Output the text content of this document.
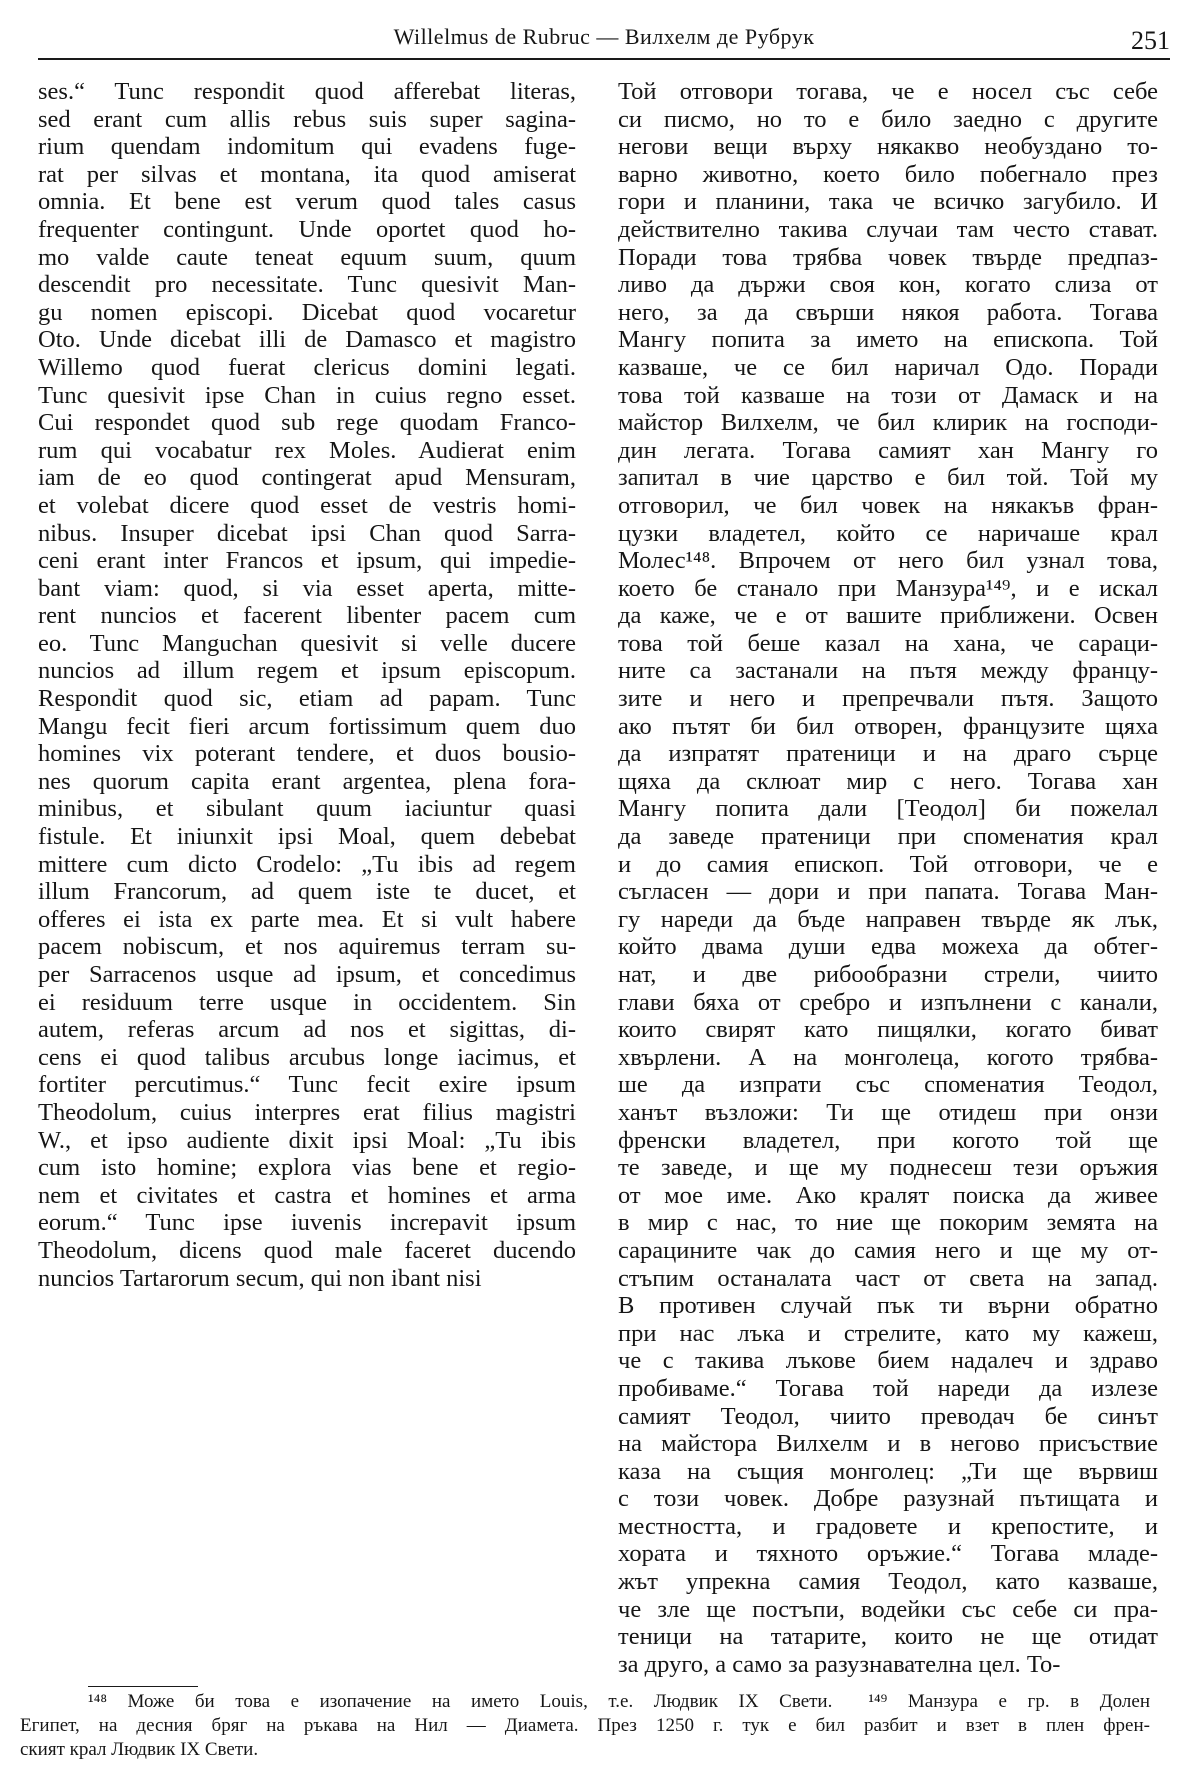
Willelmus de Rubruc — Вилхелм де Рубрук	251
ses.“ Tunc respondit quod afferebat literas,
sed erant cum allis rebus suis super sagina-
rium quendam indomitum qui evadens fuge-
rat per silvas et montana, ita quod amiserat
omnia. Et bene est verum quod tales casus
frequenter contingunt. Unde oportet quod ho-
mo valde caute teneat equum suum, quum
descendit pro necessitate. Tunc quesivit Man-
gu nomen episcopi. Dicebat quod vocaretur
Oto. Unde dicebat illi de Damasco et magistro
Willemo quod fuerat clericus domini legati.
Tunc quesivit ipse Chan in cuius regno esset.
Cui respondet quod sub rege quodam Franco-
rum qui vocabatur rex Moles. Audierat enim
iam de eo quod contingerat apud Mensuram,
et volebat dicere quod esset de vestris homi-
nibus. Insuper dicebat ipsi Chan quod Sarra-
ceni erant inter Francos et ipsum, qui impedie-
bant viam: quod, si via esset aperta, mitte-
rent nuncios et facerent libenter pacem cum
eo. Tunc Manguchan quesivit si velle ducere
nuncios ad illum regem et ipsum episcopum.
Respondit quod sic, etiam ad papam. Tunc
Mangu fecit fieri arcum fortissimum quem duo
homines vix poterant tendere, et duos bousio-
nes quorum capita erant argentea, plena fora-
minibus, et sibulant quum iaciuntur quasi
fistule. Et iniunxit ipsi Moal, quem debebat
mittere cum dicto Crodelo: „Tu ibis ad regem
illum Francorum, ad quem iste te ducet, et
offeres ei ista ex parte mea. Et si vult habere
pacem nobiscum, et nos aquiremus terram su-
per Sarracenos usque ad ipsum, et concedimus
ei residuum terre usque in occidentem. Sin
autem, referas arcum ad nos et sigittas, di-
cens ei quod talibus arcubus longe iacimus, et
fortiter percutimus.“ Tunc fecit exire ipsum
Theodolum, cuius interpres erat filius magistri
W., et ipso audiente dixit ipsi Moal: „Tu ibis
cum isto homine; explora vias bene et regio-
nem et civitates et castra et homines et arma
eorum.“ Tunc ipse iuvenis increpavit ipsum
Theodolum, dicens quod male faceret ducendo
nuncios Tartarorum secum, qui non ibant nisi
Той отговори тогава, че е носел със себе
си писмо, но то е било заедно с другите
негови вещи върху някакво необуздано то-
варно животно, което било побегнало през
гори и планини, така че всичко загубило. И
действително такива случаи там често стават.
Поради това трябва човек твърде предпаз-
ливо да държи своя кон, когато слиза от
него, за да свърши някоя работа. Тогава
Мангу попита за името на епископа. Той
казваше, че се бил наричал Одо. Поради
това той казваше на този от Дамаск и на
майстор Вилхелм, че бил клирик на господи-
дин легата. Тогава самият хан Мангу го
запитал в чие царство е бил той. Той му
отговорил, че бил човек на някакъв фран-
цузки владетел, който се наричаше крал
Молес¹⁴⁸. Впрочем от него бил узнал това,
което бе станало при Манзура¹⁴⁹, и е искал
да каже, че е от вашите приближени. Освен
това той беше казал на хана, че сараци-
ните са застанали на пътя между францу-
зите и него и препречвали пътя. Защото
ако пътят би бил отворен, французите щяха
да изпратят пратеници и на драго сърце
щяха да склюат мир с него. Тогава хан
Мангу попита дали [Теодол] би пожелал
да заведе пратеници при споменатия крал
и до самия епископ. Той отговори, че е
съгласен — дори и при папата. Тогава Ман-
гу нареди да бъде направен твърде як лък,
който двама души едва можеха да обтег-
нат, и две рибообразни стрели, чиито
глави бяха от сребро и изпълнени с канали,
които свирят като пищялки, когато биват
хвърлени. А на монголеца, когото трябва-
ше да изпрати със споменатия Теодол,
ханът възложи: Ти ще отидеш при онзи
френски владетел, при когото той ще
те заведе, и ще му поднесеш тези оръжия
от мое име. Ако кралят поиска да живее
в мир с нас, то ние ще покорим земята на
сарацините чак до самия него и ще му от-
стъпим останалата част от света на запад.
В противен случай пък ти върни обратно
при нас лъка и стрелите, като му кажеш,
че с такива лъкове бием надалеч и здраво
пробиваме.“ Тогава той нареди да излезе
самият Теодол, чиито преводач бе синът
на майстора Вилхелм и в негово присъствие
каза на същия монголец: „Ти ще вървиш
с този човек. Добре разузнай пътищата и
местността, и градовете и крепостите, и
хората и тяхното оръжие.“ Тогава младе-
жът упрекна самия Теодол, като казваше,
че зле ще постъпи, водейки със себе си пра-
теници на татарите, които не ще отидат
за друго, а само за разузнавателна цел. То-
¹⁴⁸ Може би това е изопачение на името Louis, т.е. Людвик IX Свети. ¹⁴⁹ Манзура е гр. в Долен
Египет, на десния бряг на ръкава на Нил — Диамета. През 1250 г. тук е бил разбит и взет в плен френ-
ският крал Людвик IX Свети.
